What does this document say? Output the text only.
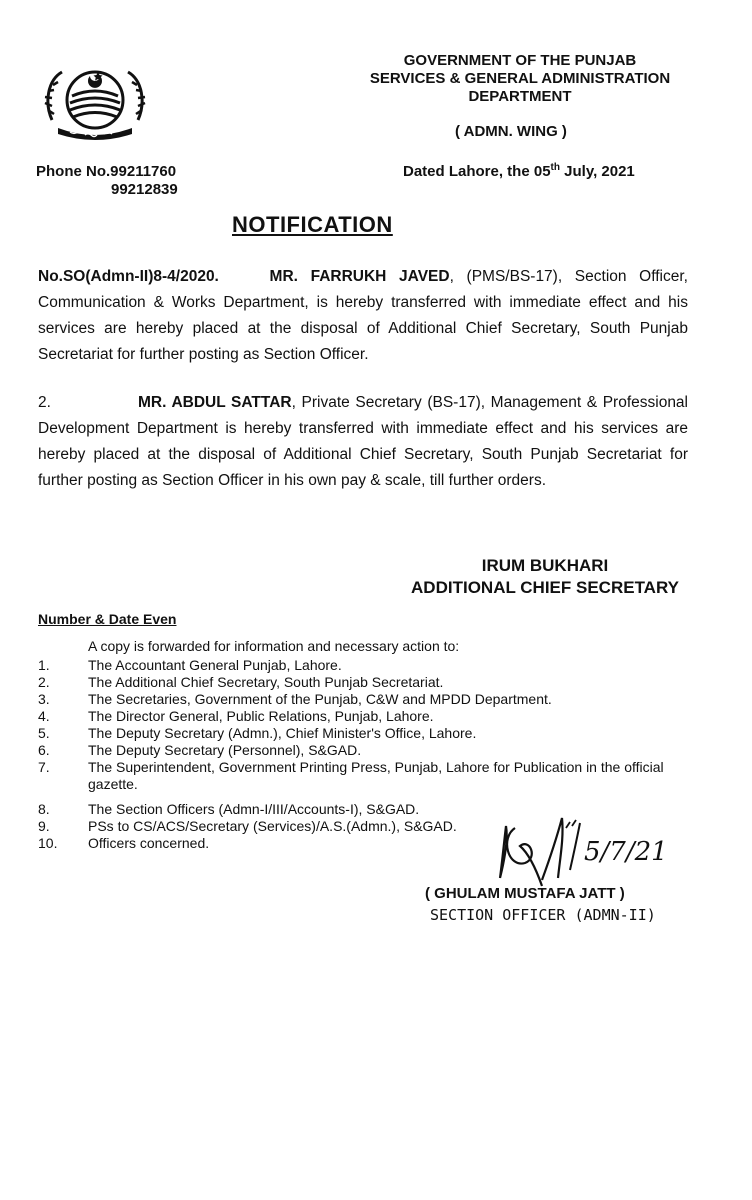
GOVERNMENT OF THE PUNJAB
SERVICES & GENERAL ADMINISTRATION
DEPARTMENT
( ADMN. WING )
Phone No.99211760
99212839
Dated Lahore, the 05th July, 2021
NOTIFICATION
No.SO(Admn-II)8-4/2020.	MR. FARRUKH JAVED, (PMS/BS-17), Section Officer, Communication & Works Department, is hereby transferred with immediate effect and his services are hereby placed at the disposal of Additional Chief Secretary, South Punjab Secretariat for further posting as Section Officer.
2.	MR. ABDUL SATTAR, Private Secretary (BS-17), Management & Professional Development Department is hereby transferred with immediate effect and his services are hereby placed at the disposal of Additional Chief Secretary, South Punjab Secretariat for further posting as Section Officer in his own pay & scale, till further orders.
IRUM BUKHARI
ADDITIONAL CHIEF SECRETARY
Number & Date Even
A copy is forwarded for information and necessary action to:
1.	The Accountant General Punjab, Lahore.
2.	The Additional Chief Secretary, South Punjab Secretariat.
3.	The Secretaries, Government of the Punjab, C&W and MPDD Department.
4.	The Director General, Public Relations, Punjab, Lahore.
5.	The Deputy Secretary (Admn.), Chief Minister's Office, Lahore.
6.	The Deputy Secretary (Personnel), S&GAD.
7.	The Superintendent, Government Printing Press, Punjab, Lahore for Publication in the official gazette.
8.	The Section Officers (Admn-I/III/Accounts-I), S&GAD.
9.	PSs to CS/ACS/Secretary (Services)/A.S.(Admn.), S&GAD.
10.	Officers concerned.	5/7/21
( GHULAM MUSTAFA JATT )
SECTION OFFICER (ADMN-II)
